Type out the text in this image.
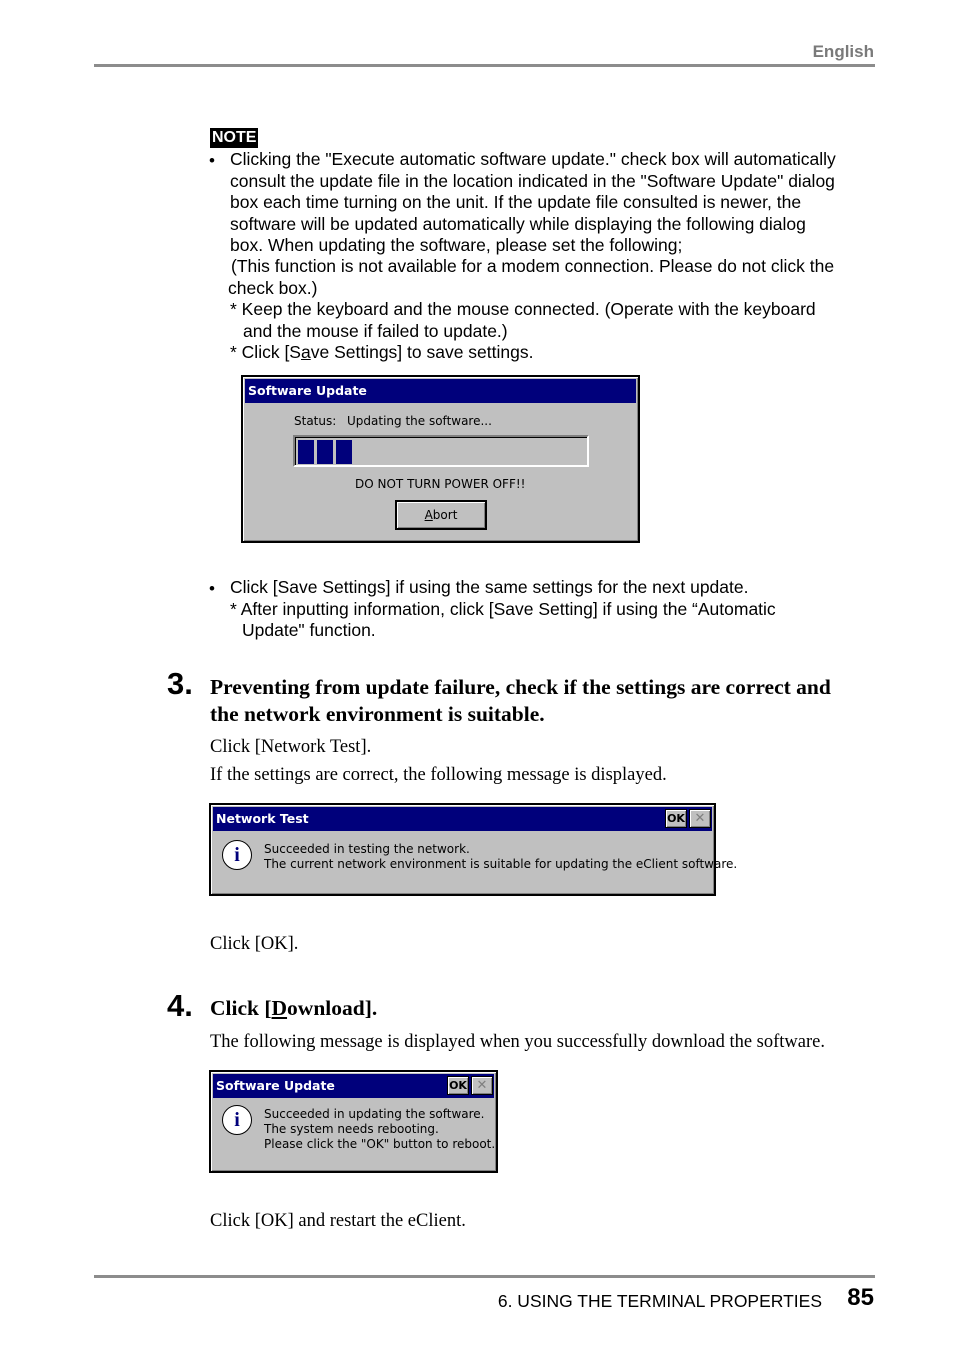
English
NOTE
• Clicking the "Execute automatic software update." check box will automatically
consult the update file in the location indicated in the "Software Update" dialog
box each time turning on the unit. If the update file consulted is newer, the
software will be updated automatically while displaying the following dialog
box. When updating the software, please set the following;
(This function is not available for a modem connection. Please do not click the
check box.)
* Keep the keyboard and the mouse connected. (Operate with the keyboard
and the mouse if failed to update.)
* Click [Save Settings] to save settings.
Software Update
Status: Updating the software...
DO NOT TURN POWER OFF!!
Abort
• Click [Save Settings] if using the same settings for the next update.
* After inputting information, click [Save Setting] if using the “Automatic
Update" function.
3. Preventing from update failure, check if the settings are correct and
the network environment is suitable.
Click [Network Test].
If the settings are correct, the following message is displayed.
Network Test	OK ✕
i	Succeeded in testing the network.
The current network environment is suitable for updating the eClient software.
Click [OK].
4. Click [Download].
The following message is displayed when you successfully download the software.
Software Update	OK ✕
i	Succeeded in updating the software.
The system needs rebooting.
Please click the "OK" button to reboot.
Click [OK] and restart the eClient.
6. USING THE TERMINAL PROPERTIES 85
